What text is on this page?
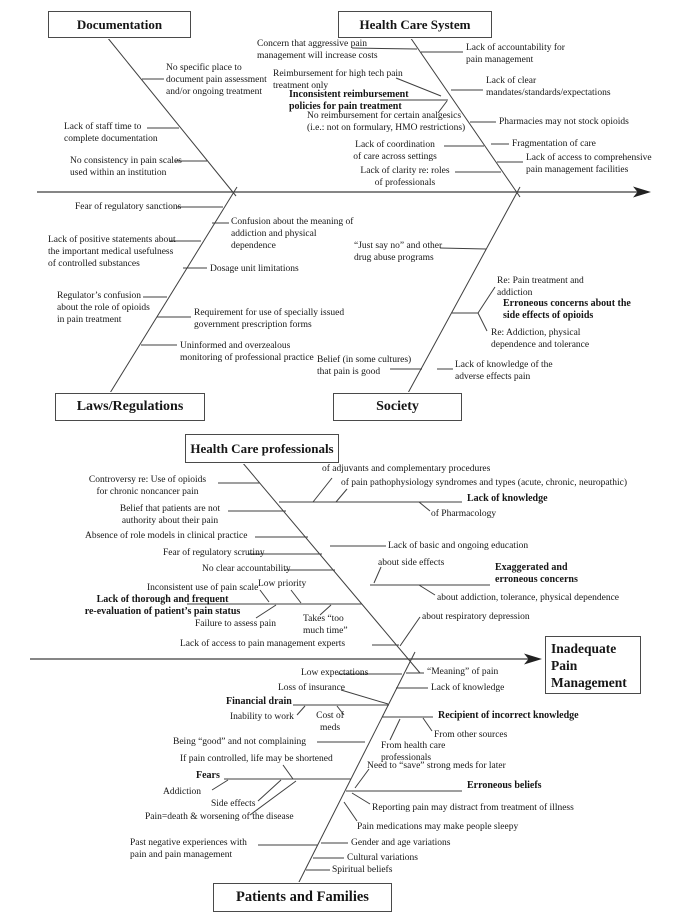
Documentation	Health Care System
Laws/Regulations	Society
Health Care professionals
Patients and Families
Inadequate
Pain
Management
No specific place to
document pain assessment
and/or ongoing treatment
Lack of staff time to
complete documentation
No consistency in pain scales
used within an institution
Concern that aggressive pain
management will increase costs
Reimbursement for high tech pain
treatment only
Inconsistent reimbursement
policies for pain treatment
No reimbursement for certain analgesics
(i.e.: not on formulary, HMO restrictions)
Lack of coordination
of care across settings
Lack of clarity re: roles
of professionals
Lack of accountability for
pain management
Lack of clear
mandates/standards/expectations
Pharmacies may not stock opioids
Fragmentation of care
Lack of access to comprehensive
pain management facilities
Fear of regulatory sanctions
Lack of positive statements about
the important medical usefulness
of controlled substances
Regulator’s confusion
about the role of opioids
in pain treatment
Confusion about the meaning of
addiction and physical
dependence
Dosage unit limitations
Requirement for use of specially issued
government prescription forms
Uninformed and overzealous
monitoring of professional practice
“Just say no” and other
drug abuse programs
Re: Pain treatment and
addiction
Erroneous concerns about the
side effects of opioids
Re: Addiction, physical
dependence and tolerance
Belief (in some cultures)
that pain is good
Lack of knowledge of the
adverse effects pain
Controversy re: Use of opioids
for chronic noncancer pain
Belief that patients are not
authority about their pain
Absence of role models in clinical practice
Fear of regulatory scrutiny
No clear accountability
Low priority
Inconsistent use of pain scale
Lack of thorough and frequent
re-evaluation of patient’s pain status
Failure to assess pain	Takes “too
much time”
Lack of access to pain management experts
of adjuvants and complementary procedures
of pain pathophysiology syndromes and types (acute, chronic, neuropathic)
Lack of knowledge
of Pharmacology
Lack of basic and ongoing education
about side effects	Exaggerated and
erroneous concerns
about addiction, tolerance, physical dependence
about respiratory depression
“Meaning” of pain
Lack of knowledge
Recipient of incorrect knowledge
From other sources
From health care
professionals
Need to “save” strong meds for later
Erroneous beliefs
Reporting pain may distract from treatment of illness
Pain medications may make people sleepy
Gender and age variations
Cultural variations
Spiritual beliefs
Low expectations
Loss of insurance
Financial drain
Inability to work	Cost of
meds
Being “good” and not complaining
If pain controlled, life may be shortened
Fears
Addiction
Side effects
Pain=death & worsening of the disease
Past negative experiences with
pain and pain management
